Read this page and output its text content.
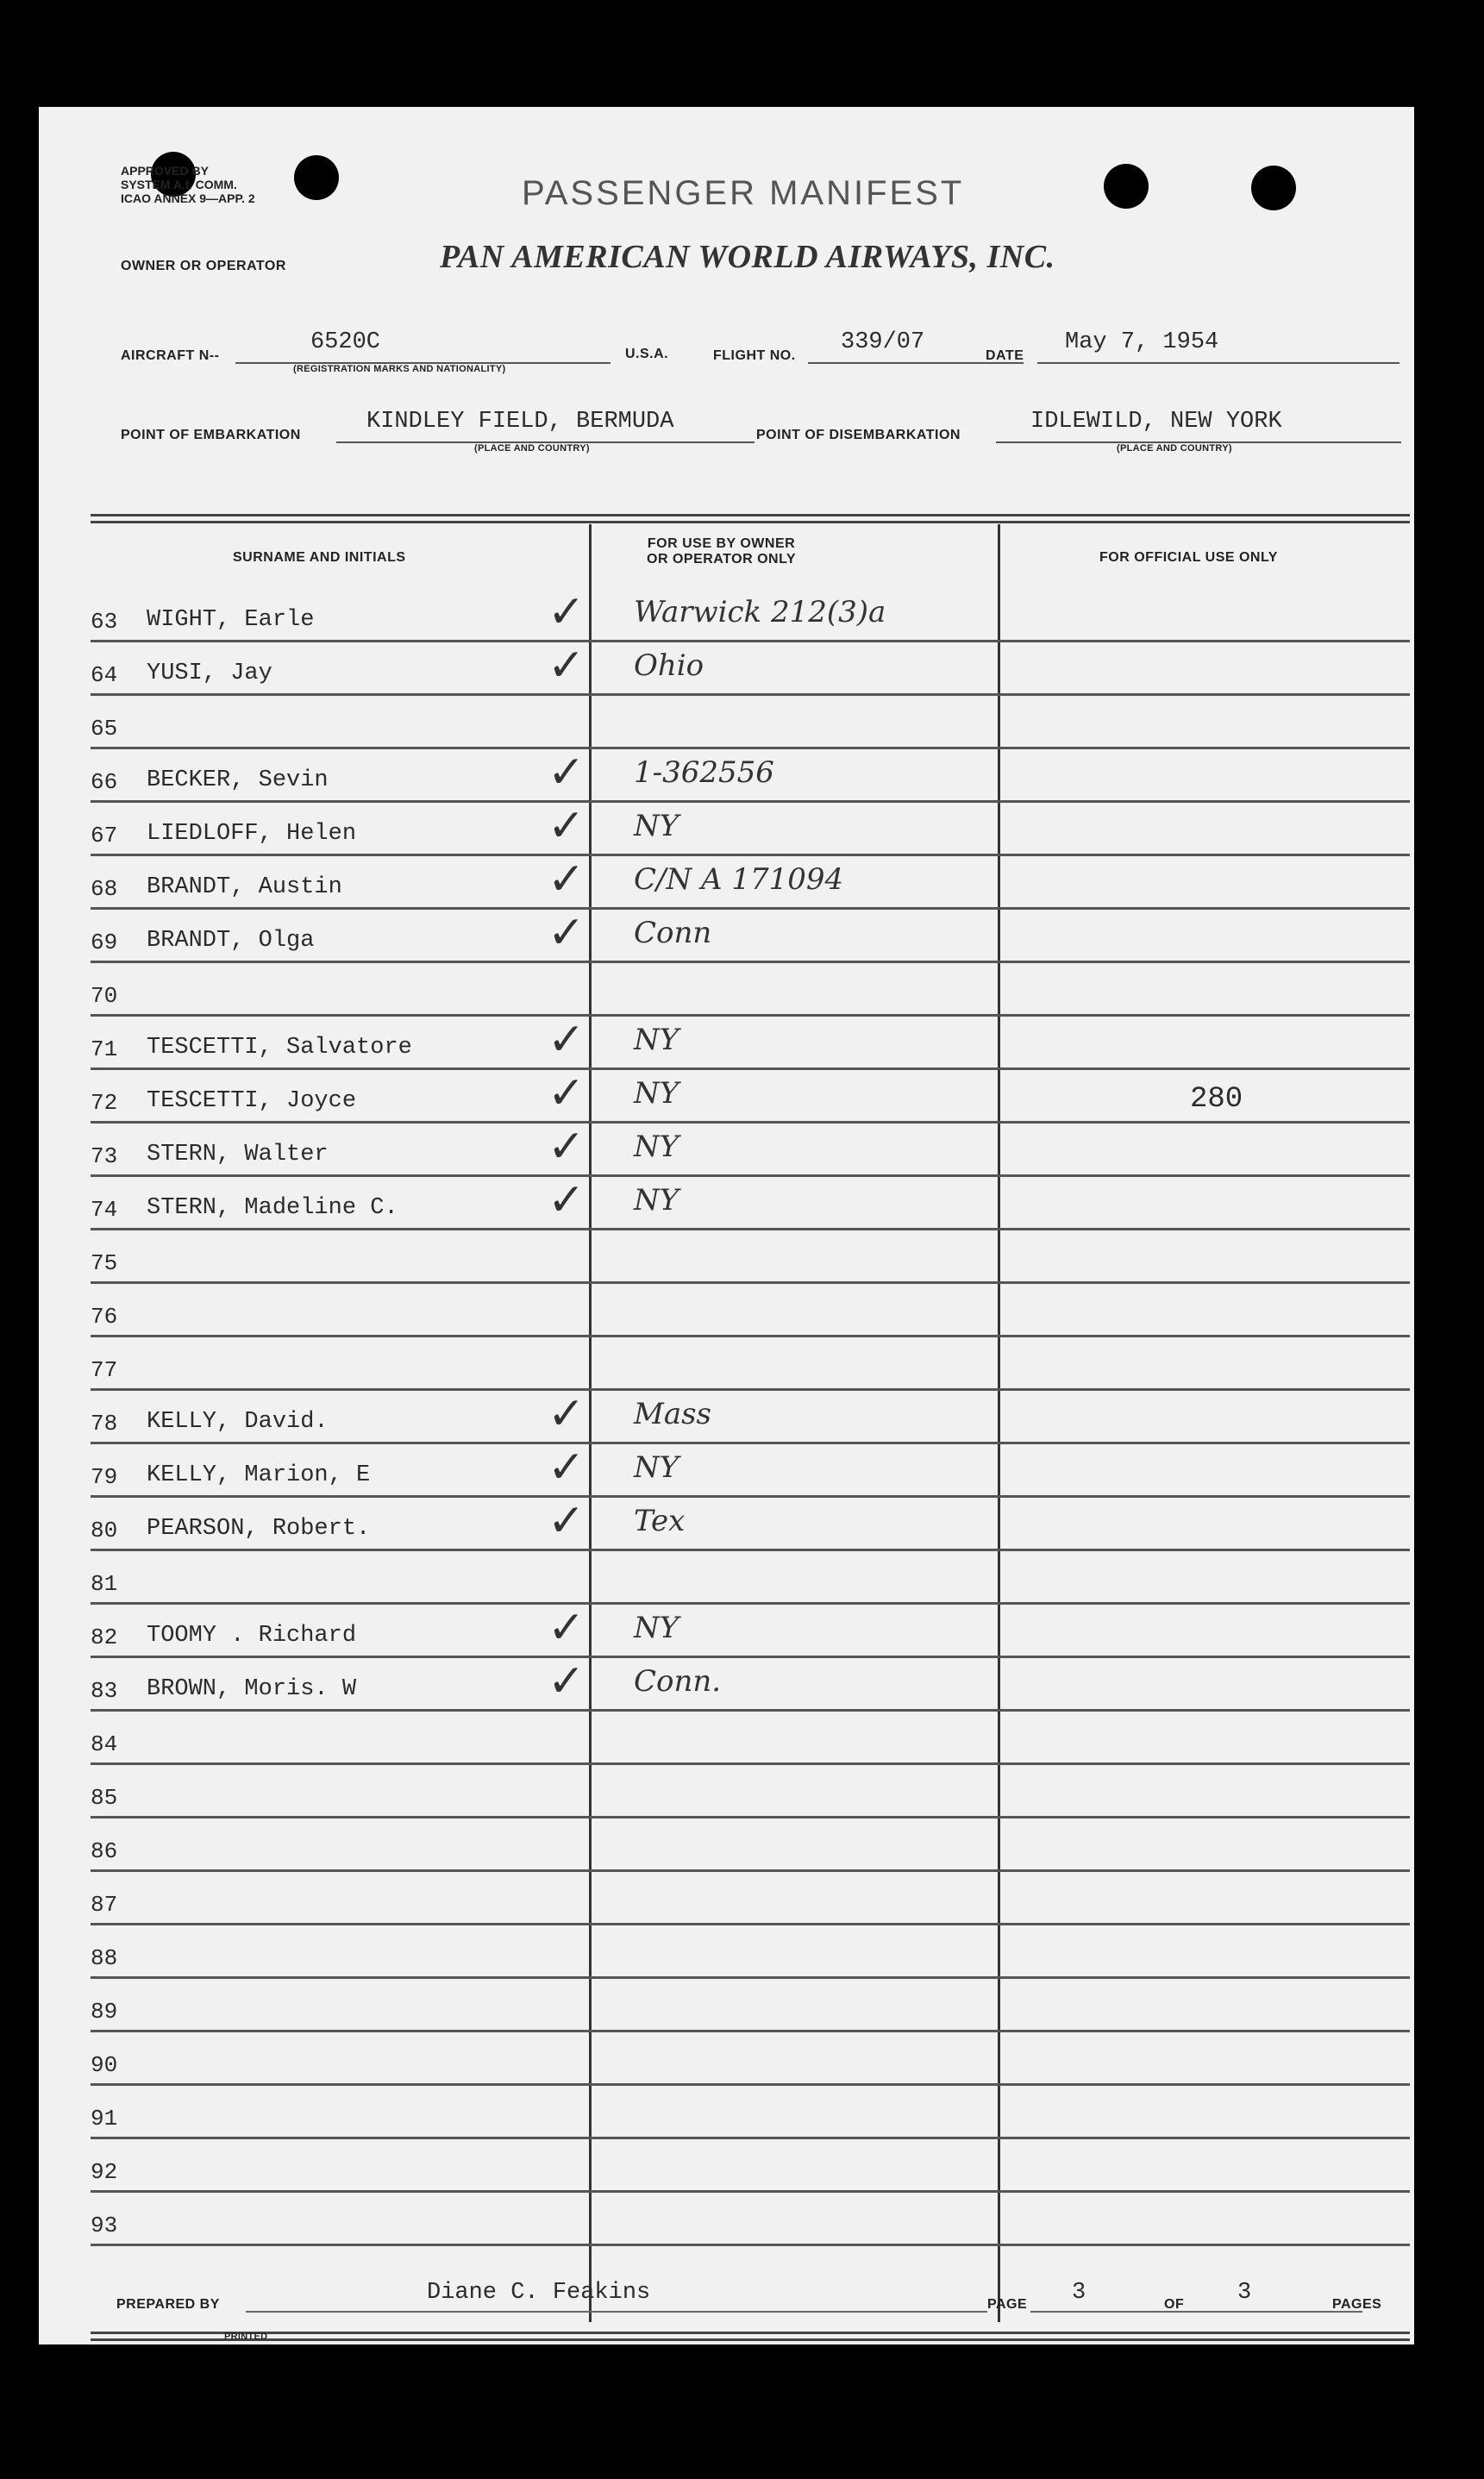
APPROVED BY
SYSTEM A.I. COMM.
ICAO ANNEX 9—APP. 2	PASSENGER MANIFEST
OWNER OR OPERATOR	PAN AMERICAN WORLD AIRWAYS, INC.
AIRCRAFT N--
6520C
(REGISTRATION MARKS AND NATIONALITY)
U.S.A.	FLIGHT NO.
339/07
DATE
May 7, 1954
POINT OF EMBARKATION
KINDLEY FIELD, BERMUDA
(PLACE AND COUNTRY)
POINT OF DISEMBARKATION
IDLEWILD, NEW YORK
(PLACE AND COUNTRY)
SURNAME AND INITIALS
FOR USE BY OWNER
OR OPERATOR ONLY	FOR OFFICIAL USE ONLY
63 WIGHT, Earle	✓ Warwick 212(3)a
64 YUSI, Jay	✓ Ohio
65
66 BECKER, Sevin	✓ 1-362556
67 LIEDLOFF, Helen	✓ NY
68 BRANDT, Austin	✓ C/N A 171094
69 BRANDT, Olga	✓ Conn
70
71 TESCETTI, Salvatore	✓ NY
72 TESCETTI, Joyce	✓ NY	280
73 STERN, Walter	✓ NY
74 STERN, Madeline C.	✓ NY
75
76
77
78 KELLY, David.	✓ Mass
79 KELLY, Marion, E	✓ NY
80 PEARSON, Robert.	✓ Tex
81
82 TOOMY . Richard	✓ NY
83 BROWN, Moris. W	✓ Conn.
84
85
86
87
88
89
90
91
92
93
PREPARED BY	Diane C. Feakins	PAGE 3	OF 3	PAGES
PRINTED
